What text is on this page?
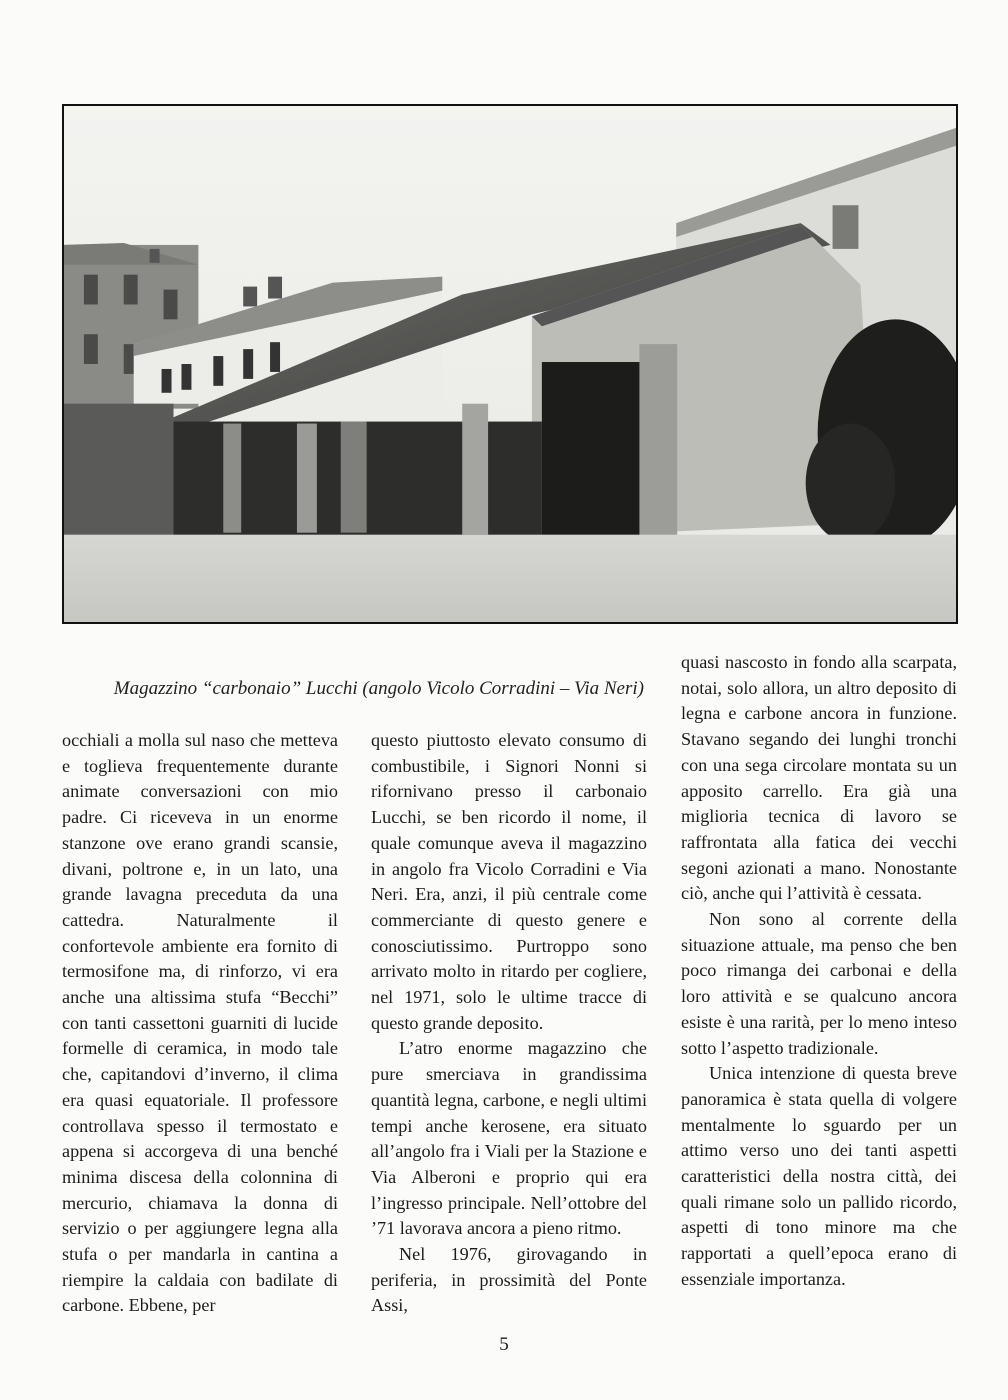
Magazzino “carbonaio” Lucchi (angolo Vicolo Corradini – Via Neri)

occhiali a molla sul naso che metteva e toglieva frequentemente durante animate conversazioni con mio padre. Ci riceveva in un enorme stanzone ove erano grandi scansie, divani, poltrone e, in un lato, una grande lavagna preceduta da una cattedra. Naturalmente il confortevole ambiente era fornito di termosifone ma, di rinforzo, vi era anche una altissima stufa “Becchi” con tanti cassettoni guarniti di lucide formelle di ceramica, in modo tale che, capitandovi d’inverno, il clima era quasi equatoriale. Il professore controllava spesso il termostato e appena si accorgeva di una benché minima discesa della colonnina di mercurio, chiamava la donna di servizio o per aggiungere legna alla stufa o per mandarla in cantina a riempire la caldaia con badilate di carbone. Ebbene, per

questo piuttosto elevato consumo di combustibile, i Signori Nonni si rifornivano presso il carbonaio Lucchi, se ben ricordo il nome, il quale comunque aveva il magazzino in angolo fra Vicolo Corradini e Via Neri. Era, anzi, il più centrale come commerciante di questo genere e conosciutissimo. Purtroppo sono arrivato molto in ritardo per cogliere, nel 1971, solo le ultime tracce di questo grande deposito.

L’atro enorme magazzino che pure smerciava in grandissima quantità legna, carbone, e negli ultimi tempi anche kerosene, era situato all’angolo fra i Viali per la Stazione e Via Alberoni e proprio qui era l’ingresso principale. Nell’ottobre del ’71 lavorava ancora a pieno ritmo.

Nel 1976, girovagando in periferia, in prossimità del Ponte Assi,

quasi nascosto in fondo alla scarpata, notai, solo allora, un altro deposito di legna e carbone ancora in funzione. Stavano segando dei lunghi tronchi con una sega circolare montata su un apposito carrello. Era già una miglioria tecnica di lavoro se raffrontata alla fatica dei vecchi segoni azionati a mano. Nonostante ciò, anche qui l’attività è cessata.

Non sono al corrente della situazione attuale, ma penso che ben poco rimanga dei carbonai e della loro attività e se qualcuno ancora esiste è una rarità, per lo meno inteso sotto l’aspetto tradizionale.

Unica intenzione di questa breve panoramica è stata quella di volgere mentalmente lo sguardo per un attimo verso uno dei tanti aspetti caratteristici della nostra città, dei quali rimane solo un pallido ricordo, aspetti di tono minore ma che rapportati a quell’epoca erano di essenziale importanza.

5
